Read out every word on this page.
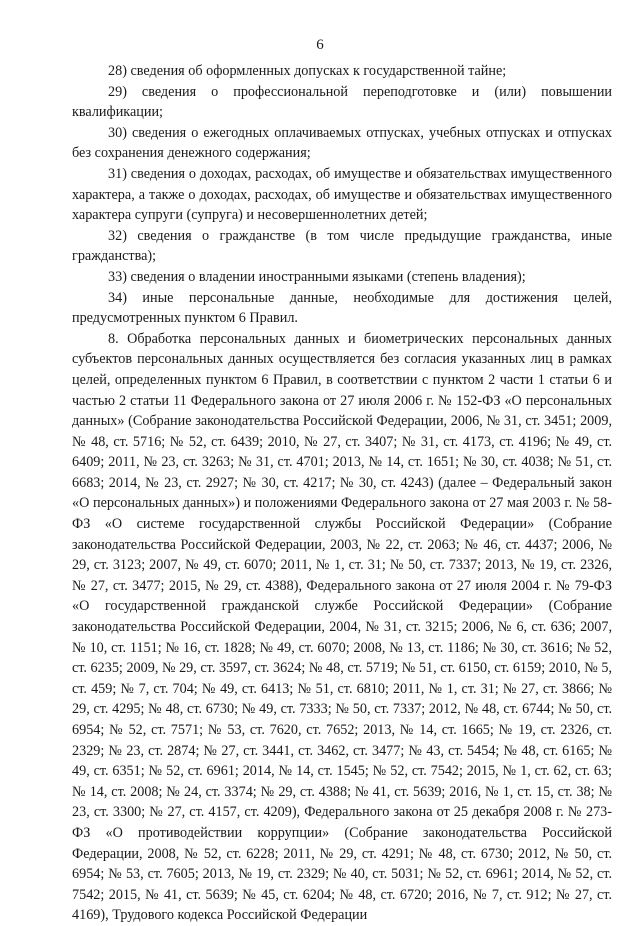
6

28) сведения об оформленных допусках к государственной тайне;

29) сведения о профессиональной переподготовке и (или) повышении квалификации;

30) сведения о ежегодных оплачиваемых отпусках, учебных отпусках и отпусках без сохранения денежного содержания;

31) сведения о доходах, расходах, об имуществе и обязательствах имущественного характера, а также о доходах, расходах, об имуществе и обязательствах имущественного характера супруги (супруга) и несовершеннолетних детей;

32) сведения о гражданстве (в том числе предыдущие гражданства, иные гражданства);

33) сведения о владении иностранными языками (степень владения);

34) иные персональные данные, необходимые для достижения целей, предусмотренных пунктом 6 Правил.

8. Обработка персональных данных и биометрических персональных данных субъектов персональных данных осуществляется без согласия указанных лиц в рамках целей, определенных пунктом 6 Правил, в соответствии с пунктом 2 части 1 статьи 6 и частью 2 статьи 11 Федерального закона от 27 июля 2006 г. № 152-ФЗ «О персональных данных» (Собрание законодательства Российской Федерации, 2006, № 31, ст. 3451; 2009, № 48, ст. 5716; № 52, ст. 6439; 2010, № 27, ст. 3407; № 31, ст. 4173, ст. 4196; № 49, ст. 6409; 2011, № 23, ст. 3263; № 31, ст. 4701; 2013, № 14, ст. 1651; № 30, ст. 4038; № 51, ст. 6683; 2014, № 23, ст. 2927; № 30, ст. 4217; № 30, ст. 4243) (далее – Федеральный закон «О персональных данных») и положениями Федерального закона от 27 мая 2003 г. № 58-ФЗ «О системе государственной службы Российской Федерации» (Собрание законодательства Российской Федерации, 2003, № 22, ст. 2063; № 46, ст. 4437; 2006, № 29, ст. 3123; 2007, № 49, ст. 6070; 2011, № 1, ст. 31; № 50, ст. 7337; 2013, № 19, ст. 2326, № 27, ст. 3477; 2015, № 29, ст. 4388), Федерального закона от 27 июля 2004 г. № 79-ФЗ «О государственной гражданской службе Российской Федерации» (Собрание законодательства Российской Федерации, 2004, № 31, ст. 3215; 2006, № 6, ст. 636; 2007, № 10, ст. 1151; № 16, ст. 1828; № 49, ст. 6070; 2008, № 13, ст. 1186; № 30, ст. 3616; № 52, ст. 6235; 2009, № 29, ст. 3597, ст. 3624; № 48, ст. 5719; № 51, ст. 6150, ст. 6159; 2010, № 5, ст. 459; № 7, ст. 704; № 49, ст. 6413; № 51, ст. 6810; 2011, № 1, ст. 31; № 27, ст. 3866; № 29, ст. 4295; № 48, ст. 6730; № 49, ст. 7333; № 50, ст. 7337; 2012, № 48, ст. 6744; № 50, ст. 6954; № 52, ст. 7571; № 53, ст. 7620, ст. 7652; 2013, № 14, ст. 1665; № 19, ст. 2326, ст. 2329; № 23, ст. 2874; № 27, ст. 3441, ст. 3462, ст. 3477; № 43, ст. 5454; № 48, ст. 6165; № 49, ст. 6351; № 52, ст. 6961; 2014, № 14, ст. 1545; № 52, ст. 7542; 2015, № 1, ст. 62, ст. 63; № 14, ст. 2008; № 24, ст. 3374; № 29, ст. 4388; № 41, ст. 5639; 2016, № 1, ст. 15, ст. 38; № 23, ст. 3300; № 27, ст. 4157, ст. 4209), Федерального закона от 25 декабря 2008 г. № 273-ФЗ «О противодействии коррупции» (Собрание законодательства Российской Федерации, 2008, № 52, ст. 6228; 2011, № 29, ст. 4291; № 48, ст. 6730; 2012, № 50, ст. 6954; № 53, ст. 7605; 2013, № 19, ст. 2329; № 40, ст. 5031; № 52, ст. 6961; 2014, № 52, ст. 7542; 2015, № 41, ст. 5639; № 45, ст. 6204; № 48, ст. 6720; 2016, № 7, ст. 912; № 27, ст. 4169), Трудового кодекса Российской Федерации
